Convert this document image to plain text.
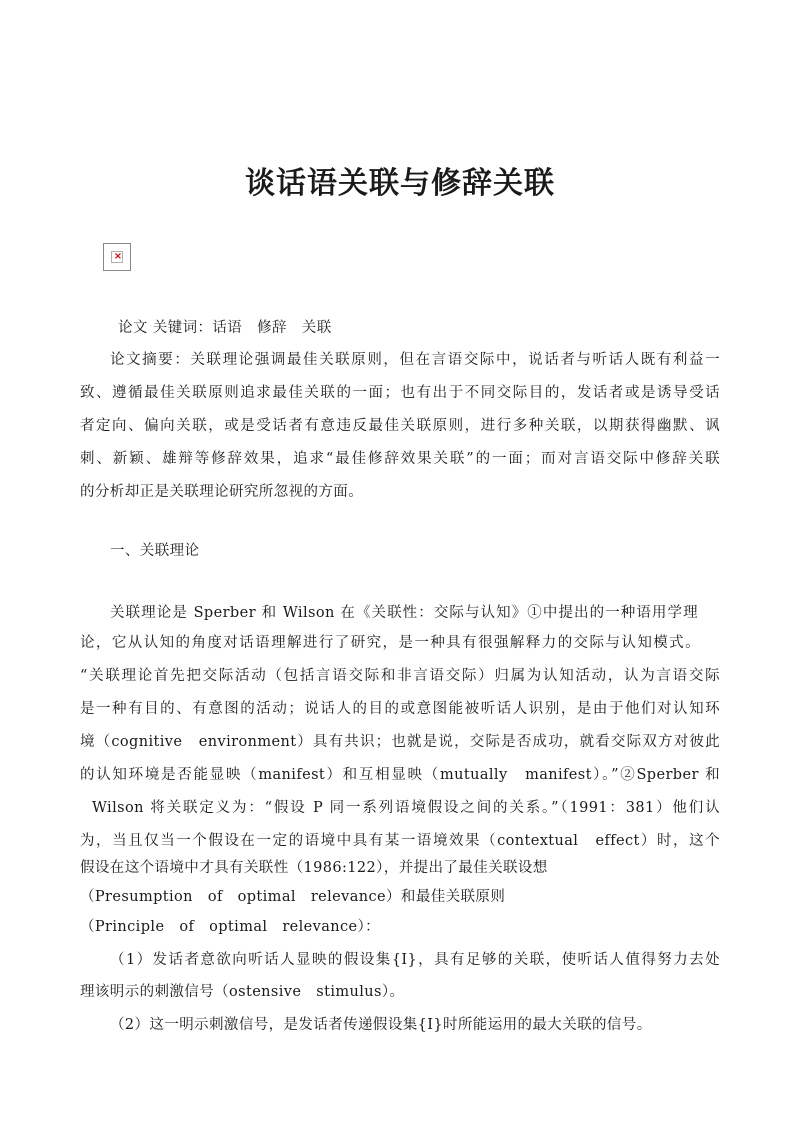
谈话语关联与修辞关联
×
论文 关键词：话语　修辞　关联
论文摘要：关联理论强调最佳关联原则，但在言语交际中，说话者与听话人既有利益一
致、遵循最佳关联原则追求最佳关联的一面；也有出于不同交际目的，发话者或是诱导受话
者定向、偏向关联，或是受话者有意违反最佳关联原则，进行多种关联，以期获得幽默、讽
刺、新颖、雄辩等修辞效果，追求“最佳修辞效果关联”的一面；而对言语交际中修辞关联
的分析却正是关联理论研究所忽视的方面。
一、关联理论
关联理论是 Sperber 和 Wilson 在《关联性：交际与认知》①中提出的一种语用学理
论，它从认知的角度对话语理解进行了研究，是一种具有很强解释力的交际与认知模式。
“关联理论首先把交际活动（包括言语交际和非言语交际）归属为认知活动，认为言语交际
是一种有目的、有意图的活动；说话人的目的或意图能被听话人识别，是由于他们对认知环
境（cognitive　environment）具有共识；也就是说，交际是否成功，就看交际双方对彼此
的认知环境是否能显映（manifest）和互相显映（mutually　manifest）。”②Sperber 和
Wilson 将关联定义为：“假设 P 同一系列语境假设之间的关系。”（1991：381）他们认
为，当且仅当一个假设在一定的语境中具有某一语境效果（contextual　effect）时，这个
假设在这个语境中才具有关联性（1986:122），并提出了最佳关联设想
（Presumption　of　optimal　relevance）和最佳关联原则
（Principle　of　optimal　relevance）：
（1）发话者意欲向听话人显映的假设集{I}，具有足够的关联，使听话人值得努力去处
理该明示的刺激信号（ostensive　stimulus）。
（2）这一明示刺激信号，是发话者传递假设集{I}时所能运用的最大关联的信号。
